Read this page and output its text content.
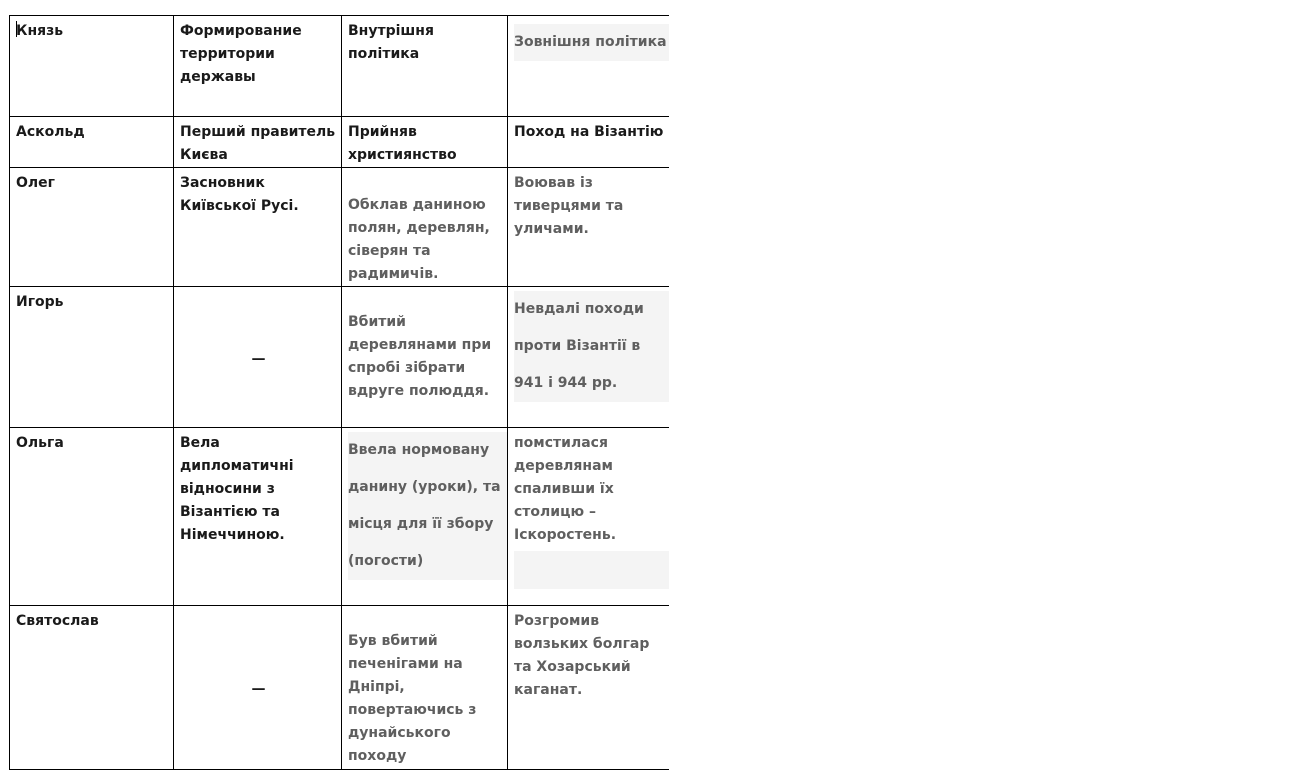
Князь	Формирование территории державы	Внутрішня політика	Зовнішня політика

Аскольд	Перший правитель Києва	Прийняв християнство	Поход на Візантію
Олег	Засновник Київської Русі.	Обклав даниною полян, деревлян, сіверян та радимичів.	Воював із тиверцями та уличами.
Игорь	—	Вбитий деревлянами при спробі зібрати вдруге полюддя.	Невдалі походи проти Візантії в 941 і 944 рр.

Ольга	Вела дипломатичні відносини з Візантією та Німеччиною.	Ввела нормовану данину (уроки), та місця для її збору (погости)	помстилася деревлянам спаливши їх столицю – Іскоростень.

Святослав	—	Був вбитий печенігами на Дніпрі, повертаючись з дунайського походу	Розгромив волзьких болгар та Хозарський каганат.
